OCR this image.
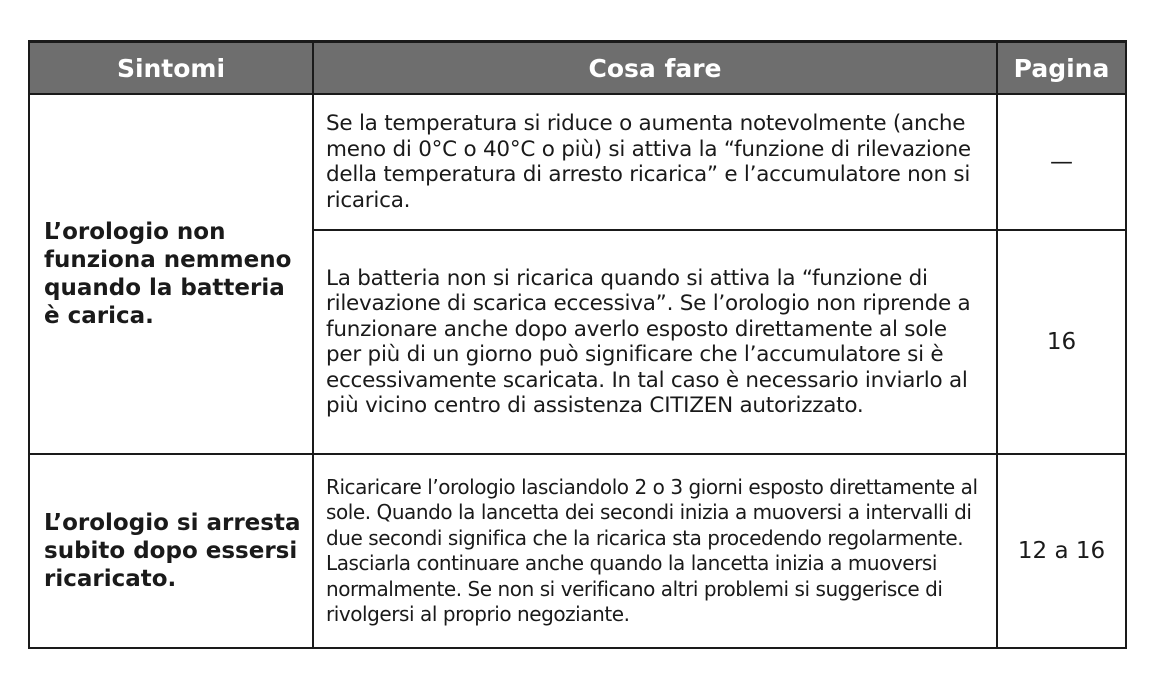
Sintomi	Cosa fare	Pagina
L’orologio non funziona nemmeno quando la batteria è carica.	Se la temperatura si riduce o aumenta notevolmente (anche meno di 0°C o 40°C o più) si attiva la “funzione di rilevazione della temperatura di arresto ricarica” e l’accumulatore non si ricarica.	—
	La batteria non si ricarica quando si attiva la “funzione di rilevazione di scarica eccessiva”. Se l’orologio non riprende a funzionare anche dopo averlo esposto direttamente al sole per più di un giorno può significare che l’accumulatore si è eccessivamente scaricata. In tal caso è necessario inviarlo al più vicino centro di assistenza CITIZEN autorizzato.	16
L’orologio si arresta subito dopo essersi ricaricato.	Ricaricare l’orologio lasciandolo 2 o 3 giorni esposto direttamente al sole. Quando la lancetta dei secondi inizia a muoversi a intervalli di due secondi significa che la ricarica sta procedendo regolarmente. Lasciarla continuare anche quando la lancetta inizia a muoversi normalmente. Se non si verificano altri problemi si suggerisce di rivolgersi al proprio negoziante.	12 a 16
